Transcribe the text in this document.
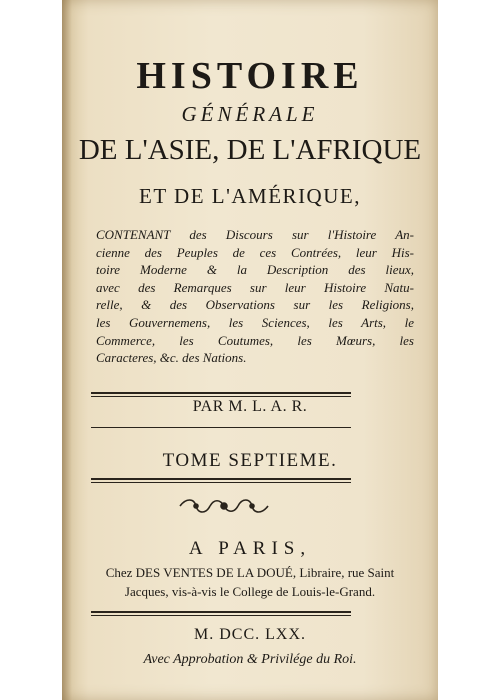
HISTOIRE
GÉNÉRALE
DE L'ASIE, DE L'AFRIQUE
ET DE L'AMÉRIQUE,
CONTENANT des Discours sur l'Histoire An-
cienne des Peuples de ces Contrées, leur His-
toire Moderne & la Description des lieux,
avec des Remarques sur leur Histoire Natu-
relle, & des Observations sur les Religions,
les Gouvernemens, les Sciences, les Arts, le
Commerce, les Coutumes, les Mœurs, les
Caracteres, &c. des Nations.
PAR M. L. A. R.
TOME SEPTIEME.
A PARIS,
Chez DES VENTES DE LA DOUÉ, Libraire, rue Saint
Jacques, vis-à-vis le College de Louis-le-Grand.
M. DCC. LXX.
Avec Approbation & Privilége du Roi.
